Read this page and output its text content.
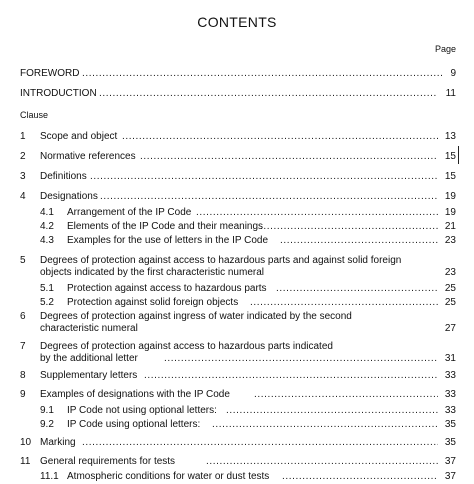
CONTENTS
Page
FOREWORD .....	9
INTRODUCTION .....	11
Clause
1 Scope and object .....	13
2 Normative references .....	15
3 Definitions .....	15
4 Designations .....	19
4.1 Arrangement of the IP Code .....	19
4.2 Elements of the IP Code and their meanings .....	21
4.3 Examples for the use of letters in the IP Code .....	23
5 Degrees of protection against access to hazardous parts and against solid foreign
objects indicated by the first characteristic numeral	23
5.1 Protection against access to hazardous parts .....	25
5.2 Protection against solid foreign objects .....	25
6 Degrees of protection against ingress of water indicated by the second
characteristic numeral	27
7 Degrees of protection against access to hazardous parts indicated
by the additional letter .....	31
8 Supplementary letters .....	33
9 Examples of designations with the IP Code .....	33
9.1 IP Code not using optional letters: .....	33
9.2 IP Code using optional letters: .....	35
10 Marking .....	35
11 General requirements for tests .....	37
11.1 Atmospheric conditions for water or dust tests .....	37
